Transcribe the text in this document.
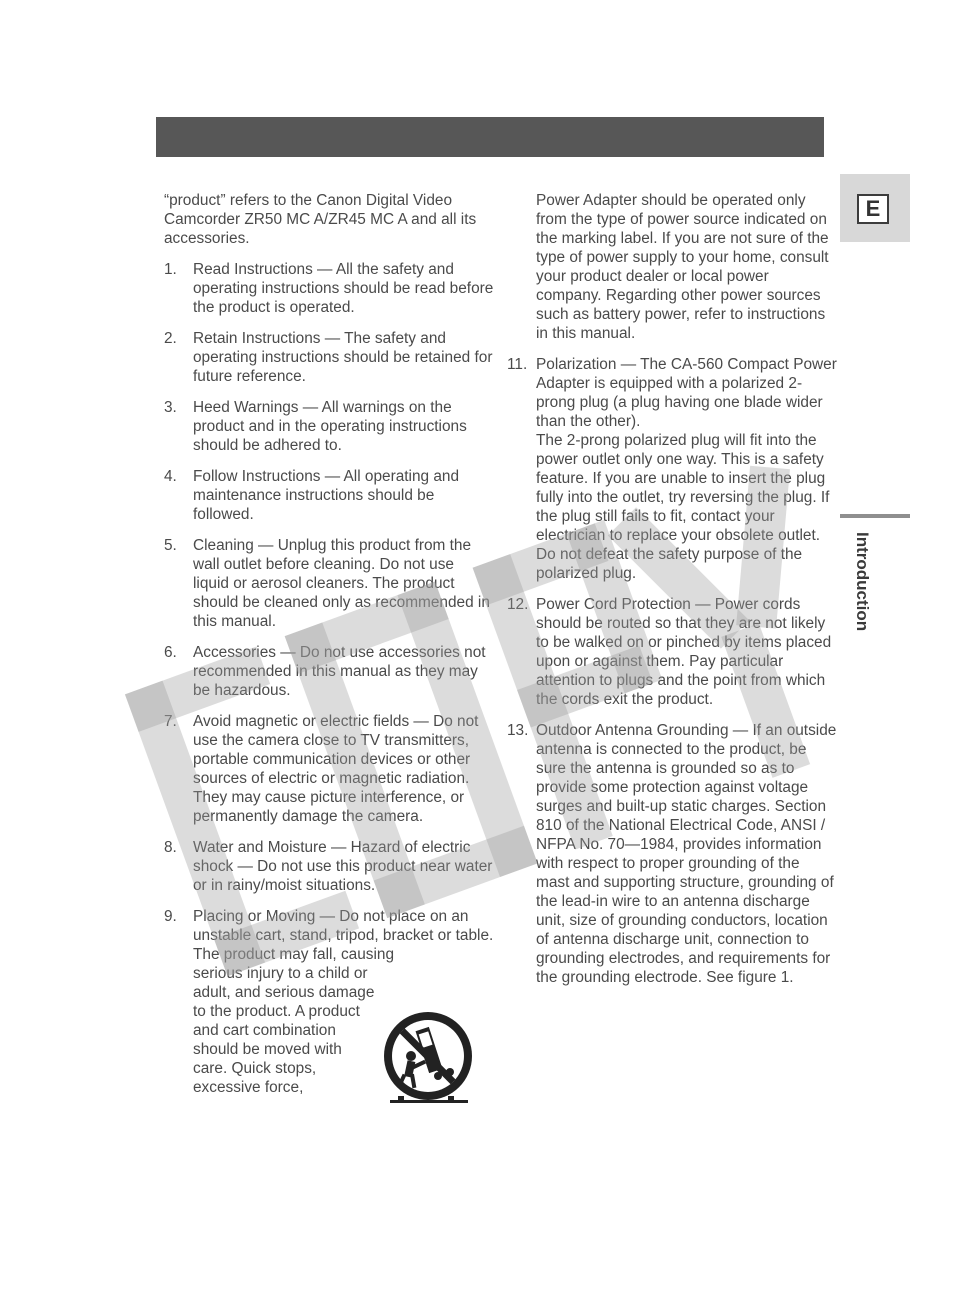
E
Introduction

“product” refers to the Canon Digital Video Camcorder ZR50 MC A/ZR45 MC A and all its accessories.

1. Read Instructions — All the safety and operating instructions should be read before the product is operated.

2. Retain Instructions — The safety and operating instructions should be retained for future reference.

3. Heed Warnings — All warnings on the product and in the operating instructions should be adhered to.

4. Follow Instructions — All operating and maintenance instructions should be followed.

5. Cleaning — Unplug this product from the wall outlet before cleaning. Do not use liquid or aerosol cleaners. The product should be cleaned only as recommended in this manual.

6. Accessories — Do not use accessories not recommended in this manual as they may be hazardous.

7. Avoid magnetic or electric fields — Do not use the camera close to TV transmitters, portable communication devices or other sources of electric or magnetic radiation. They may cause picture interference, or permanently damage the camera.

8. Water and Moisture — Hazard of electric shock — Do not use this product near water or in rainy/moist situations.

9. Placing or Moving — Do not place on an unstable cart, stand, tripod, bracket or table. The product may fall, causing

serious injury to a child or adult, and serious damage to the product. A product and cart combination should be moved with care. Quick stops, excessive force,

Power Adapter should be operated only from the type of power source indicated on the marking label. If you are not sure of the type of power supply to your home, consult your product dealer or local power company. Regarding other power sources such as battery power, refer to instructions in this manual.

11. Polarization — The CA-560 Compact Power Adapter is equipped with a polarized 2-prong plug (a plug having one blade wider than the other).

The 2-prong polarized plug will fit into the power outlet only one way. This is a safety feature. If you are unable to insert the plug fully into the outlet, try reversing the plug. If the plug still fails to fit, contact your electrician to replace your obsolete outlet. Do not defeat the safety purpose of the polarized plug.

12. Power Cord Protection — Power cords should be routed so that they are not likely to be walked on or pinched by items placed upon or against them. Pay particular attention to plugs and the point from which the cords exit the product.

13. Outdoor Antenna Grounding — If an outside antenna is connected to the product, be sure the antenna is grounded so as to provide some protection against voltage surges and built-up static charges. Section 810 of the National Electrical Code, ANSI / NFPA No. 70—1984, provides information with respect to proper grounding of the mast and supporting structure, grounding of the lead-in wire to an antenna discharge unit, size of grounding conductors, location of antenna discharge unit, connection to grounding electrodes, and requirements for the grounding electrode. See figure 1.
